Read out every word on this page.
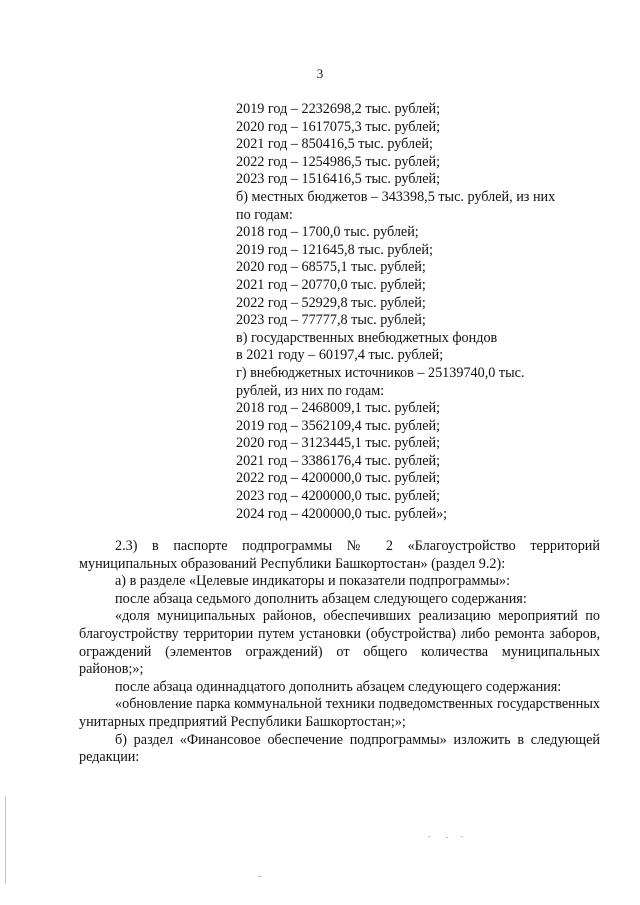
3
2019 год – 2232698,2 тыс. рублей;
2020 год – 1617075,3 тыс. рублей;
2021 год – 850416,5 тыс. рублей;
2022 год – 1254986,5 тыс. рублей;
2023 год – 1516416,5 тыс. рублей;
б) местных бюджетов – 343398,5 тыс. рублей, из них
по годам:
2018 год – 1700,0 тыс. рублей;
2019 год – 121645,8 тыс. рублей;
2020 год – 68575,1 тыс. рублей;
2021 год – 20770,0 тыс. рублей;
2022 год – 52929,8 тыс. рублей;
2023 год – 77777,8 тыс. рублей;
в) государственных внебюджетных фондов
в 2021 году – 60197,4 тыс. рублей;
г) внебюджетных источников – 25139740,0 тыс.
рублей, из них по годам:
2018 год – 2468009,1 тыс. рублей;
2019 год – 3562109,4 тыс. рублей;
2020 год – 3123445,1 тыс. рублей;
2021 год – 3386176,4 тыс. рублей;
2022 год – 4200000,0 тыс. рублей;
2023 год – 4200000,0 тыс. рублей;
2024 год – 4200000,0 тыс. рублей»;
2.3) в паспорте подпрограммы № 2 «Благоустройство территорий муниципальных образований Республики Башкортостан» (раздел 9.2):
а) в разделе «Целевые индикаторы и показатели подпрограммы»:
после абзаца седьмого дополнить абзацем следующего содержания:
«доля муниципальных районов, обеспечивших реализацию мероприятий по благоустройству территории путем установки (обустройства) либо ремонта заборов, ограждений (элементов ограждений) от общего количества муниципальных районов;»;
после абзаца одиннадцатого дополнить абзацем следующего содержания:
«обновление парка коммунальной техники подведомственных государственных унитарных предприятий Республики Башкортостан;»;
б) раздел «Финансовое обеспечение подпрограммы» изложить в следующей редакции:
